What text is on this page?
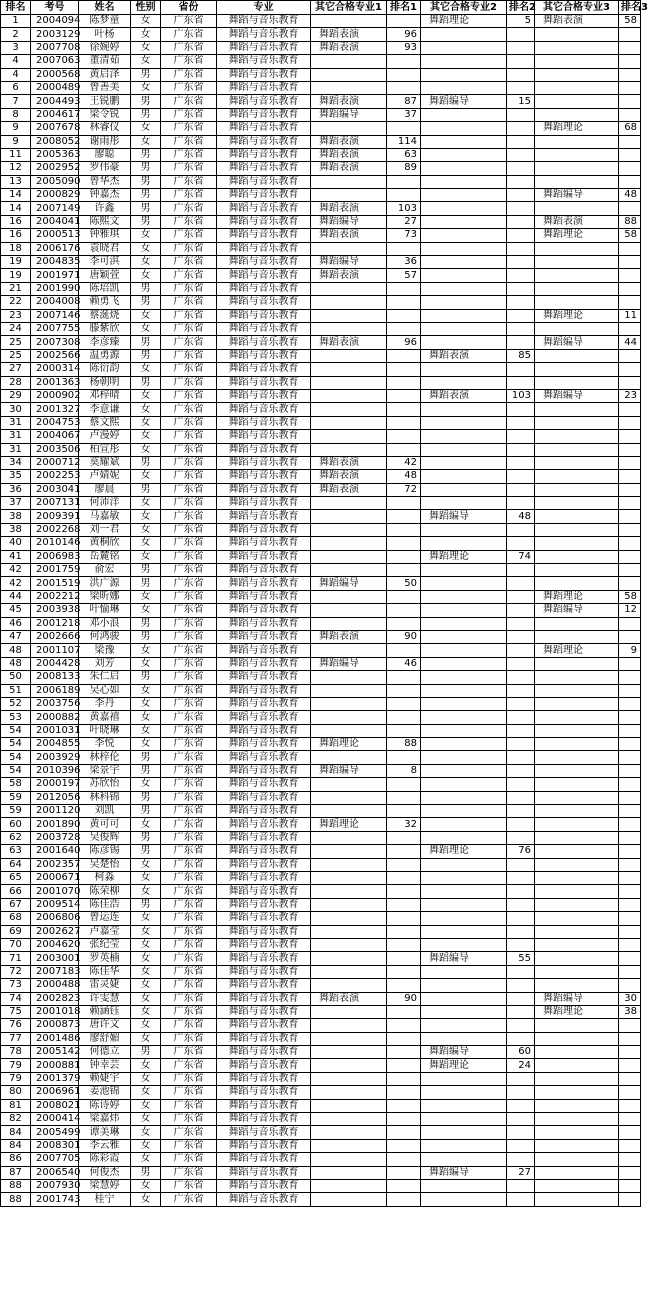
排名	考号	姓名	性别	省份	专业	其它合格专业1	排名1	其它合格专业2	排名2	其它合格专业3	排名3
1	2004094	陈梦童	女	广东省	舞蹈与音乐教育			舞蹈理论	5	舞蹈表演	58
2	2003129	叶杨	女	广东省	舞蹈与音乐教育	舞蹈表演	96				
3	2007708	徐婉婷	女	广东省	舞蹈与音乐教育	舞蹈表演	93				
4	2007063	董清茹	女	广东省	舞蹈与音乐教育						
4	2000568	黄启泽	男	广东省	舞蹈与音乐教育						
6	2000489	曾善美	女	广东省	舞蹈与音乐教育						
7	2004493	王锐鹏	男	广东省	舞蹈与音乐教育	舞蹈表演	87	舞蹈编导	15		
8	2004617	梁令锐	男	广东省	舞蹈与音乐教育	舞蹈编导	37				
9	2007678	林睿仪	女	广东省	舞蹈与音乐教育					舞蹈理论	68
9	2008052	谢雨彤	女	广东省	舞蹈与音乐教育	舞蹈表演	114				
11	2005363	廖聪	男	广东省	舞蹈与音乐教育	舞蹈表演	63				
12	2002952	罗伟豪	男	广东省	舞蹈与音乐教育	舞蹈表演	89				
13	2005090	曾华杰	男	广东省	舞蹈与音乐教育						
14	2000829	钟嘉杰	男	广东省	舞蹈与音乐教育					舞蹈编导	48
14	2007149	许鑫	男	广东省	舞蹈与音乐教育	舞蹈表演	103				
16	2004041	陈熙文	男	广东省	舞蹈与音乐教育	舞蹈编导	27			舞蹈表演	88
16	2000513	钟雅琪	女	广东省	舞蹈与音乐教育	舞蹈表演	73			舞蹈理论	58
18	2006176	袁晓君	女	广东省	舞蹈与音乐教育						
19	2004835	李可淇	女	广东省	舞蹈与音乐教育	舞蹈编导	36				
19	2001971	唐颖萱	女	广东省	舞蹈与音乐教育	舞蹈表演	57				
21	2001990	陈培凯	男	广东省	舞蹈与音乐教育						
22	2004008	赖勇飞	男	广东省	舞蹈与音乐教育						
23	2007146	蔡涎烧	女	广东省	舞蹈与音乐教育					舞蹈理论	11
24	2007755	滕紫欣	女	广东省	舞蹈与音乐教育						
25	2007308	李彦臻	男	广东省	舞蹈与音乐教育	舞蹈表演	96			舞蹈编导	44
25	2002566	温勇源	男	广东省	舞蹈与音乐教育			舞蹈表演	85		
27	2000314	陈衍韵	女	广东省	舞蹈与音乐教育						
28	2001363	杨朝明	男	广东省	舞蹈与音乐教育						
29	2000902	邓梓晴	女	广东省	舞蹈与音乐教育			舞蹈表演	103	舞蹈编导	23
30	2001327	李意谦	女	广东省	舞蹈与音乐教育						
31	2004753	蔡文熙	女	广东省	舞蹈与音乐教育						
31	2004067	卢漫婷	女	广东省	舞蹈与音乐教育						
31	2003506	柏宣彤	女	广东省	舞蹈与音乐教育						
34	2000712	莫耀斌	男	广东省	舞蹈与音乐教育	舞蹈表演	42				
35	2002253	卢婧妮	女	广东省	舞蹈与音乐教育	舞蹈表演	48				
36	2003041	廖晨	男	广东省	舞蹈与音乐教育	舞蹈表演	72				
37	2007131	何沛洋	女	广东省	舞蹈与音乐教育						
38	2009391	马嘉敏	女	广东省	舞蹈与音乐教育			舞蹈编导	48		
38	2002268	刘一君	女	广东省	舞蹈与音乐教育						
40	2010146	黄桐欣	女	广东省	舞蹈与音乐教育						
41	2006983	岳麓铭	女	广东省	舞蹈与音乐教育			舞蹈理论	74		
42	2001759	俞宏	男	广东省	舞蹈与音乐教育						
42	2001519	洪广源	男	广东省	舞蹈与音乐教育	舞蹈编导	50				
44	2002212	梁昕娜	女	广东省	舞蹈与音乐教育					舞蹈理论	58
45	2003938	叶愉琳	女	广东省	舞蹈与音乐教育					舞蹈编导	12
46	2001218	邓小浪	男	广东省	舞蹈与音乐教育						
47	2002666	何鸿骏	男	广东省	舞蹈与音乐教育	舞蹈表演	90				
48	2001107	梁豫	女	广东省	舞蹈与音乐教育					舞蹈理论	9
48	2004428	刘芳	女	广东省	舞蹈与音乐教育	舞蹈编导	46				
50	2008133	朱仁启	男	广东省	舞蹈与音乐教育						
51	2006189	吴心如	女	广东省	舞蹈与音乐教育						
52	2003756	李丹	女	广东省	舞蹈与音乐教育						
53	2000882	黄嘉禧	女	广东省	舞蹈与音乐教育						
54	2001031	叶晓琳	女	广东省	舞蹈与音乐教育						
54	2004855	李悦	女	广东省	舞蹈与音乐教育	舞蹈理论	88				
54	2003929	林梓伦	男	广东省	舞蹈与音乐教育						
54	2010396	梁景宇	男	广东省	舞蹈与音乐教育	舞蹈编导	8				
58	2000197	苏欣怡	女	广东省	舞蹈与音乐教育						
59	2012056	林科锦	男	广东省	舞蹈与音乐教育						
59	2001120	刘凯	男	广东省	舞蹈与音乐教育						
60	2001890	黄可可	女	广东省	舞蹈与音乐教育	舞蹈理论	32				
62	2003728	吴俊辉	男	广东省	舞蹈与音乐教育						
63	2001640	陈彦锡	男	广东省	舞蹈与音乐教育			舞蹈理论	76		
64	2002357	吴楚怡	女	广东省	舞蹈与音乐教育						
65	2000671	柯淼	女	广东省	舞蹈与音乐教育						
66	2001070	陈荣柳	女	广东省	舞蹈与音乐教育						
67	2009514	陈佳浩	男	广东省	舞蹈与音乐教育						
68	2006806	曾运连	女	广东省	舞蹈与音乐教育						
69	2002627	卢嘉莹	女	广东省	舞蹈与音乐教育						
70	2004620	张纪莹	女	广东省	舞蹈与音乐教育						
71	2003001	罗英楠	女	广东省	舞蹈与音乐教育			舞蹈编导	55		
72	2007183	陈佳华	女	广东省	舞蹈与音乐教育						
73	2000488	雷灵婕	女	广东省	舞蹈与音乐教育						
74	2002823	许雯慧	女	广东省	舞蹈与音乐教育	舞蹈表演	90			舞蹈编导	30
75	2001018	赖涵钰	女	广东省	舞蹈与音乐教育					舞蹈理论	38
76	2000873	唐许文	女	广东省	舞蹈与音乐教育						
77	2001486	廖舒媚	女	广东省	舞蹈与音乐教育						
78	2005142	何德立	男	广东省	舞蹈与音乐教育			舞蹈编导	60		
79	2000881	钟幸芸	女	广东省	舞蹈与音乐教育			舞蹈理论	24		
79	2001379	赖婕宇	女	广东省	舞蹈与音乐教育						
80	2006961	姜池锦	女	广东省	舞蹈与音乐教育						
81	2008021	陈诗婷	女	广东省	舞蹈与音乐教育						
82	2000414	梁嘉炜	女	广东省	舞蹈与音乐教育						
84	2005499	谭美琳	女	广东省	舞蹈与音乐教育						
84	2008301	李云雅	女	广东省	舞蹈与音乐教育						
86	2007705	陈彩霞	女	广东省	舞蹈与音乐教育						
87	2006540	何俊杰	男	广东省	舞蹈与音乐教育			舞蹈编导	27		
88	2007930	梁慧婷	女	广东省	舞蹈与音乐教育						
88	2001743	桂宁	女	广东省	舞蹈与音乐教育						
